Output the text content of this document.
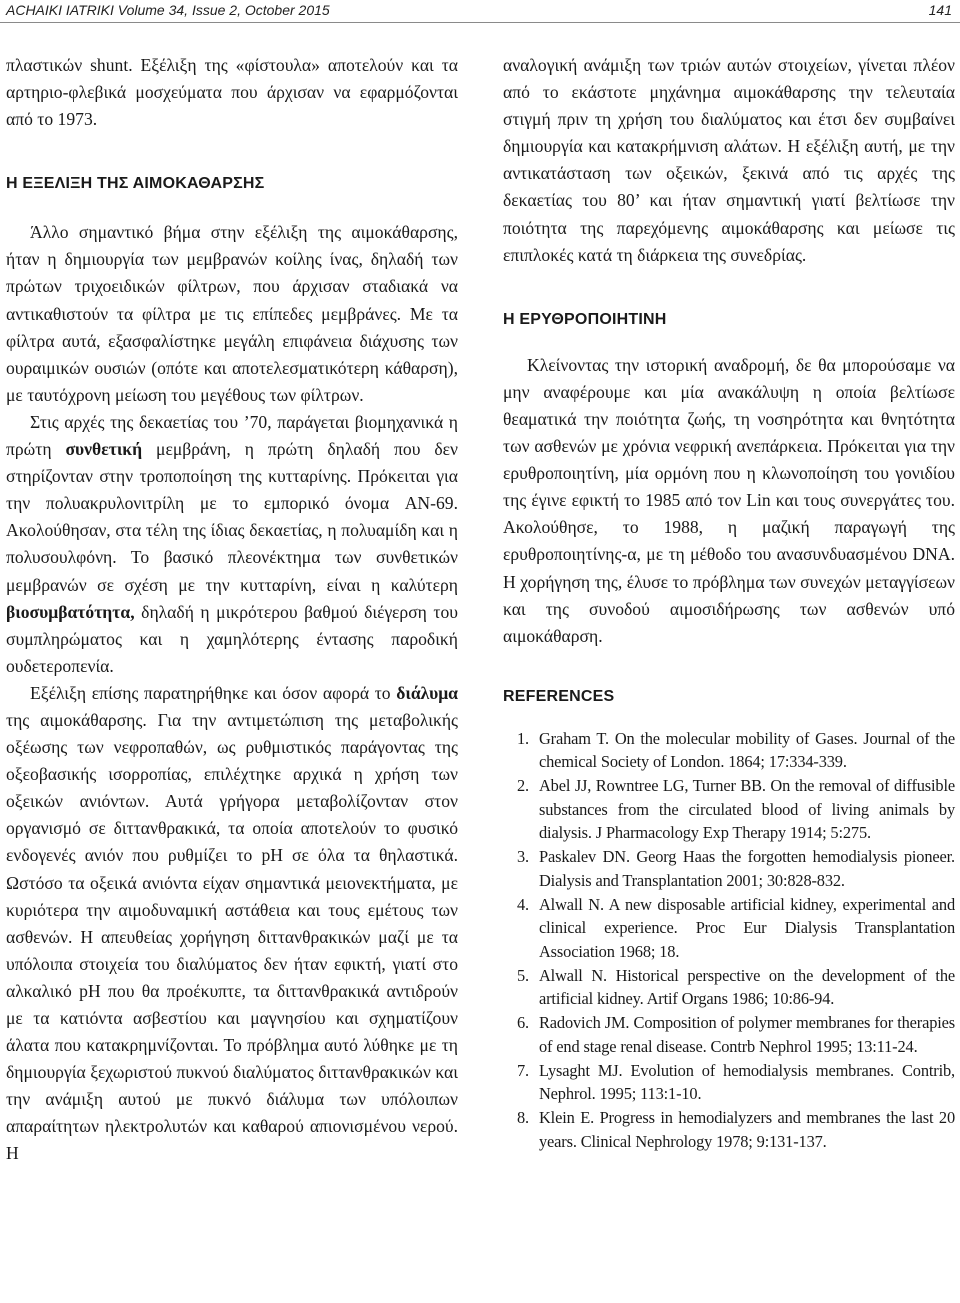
ACHAIKI IATRIKI Volume 34, Issue 2, October 2015	141

πλαστικών shunt. Εξέλιξη της «φίστουλα» αποτελούν και τα αρτηριο-φλεβικά μοσχεύματα που άρχισαν να εφαρμόζονται από το 1973.

Η ΕΞΕΛΙΞΗ ΤΗΣ ΑΙΜΟΚΑΘΑΡΣΗΣ

Άλλο σημαντικό βήμα στην εξέλιξη της αιμοκάθαρσης, ήταν η δημιουργία των μεμβρανών κοίλης ίνας, δηλαδή των πρώτων τριχοειδικών φίλτρων, που άρχισαν σταδιακά να αντικαθιστούν τα φίλτρα με τις επίπεδες μεμβράνες. Με τα φίλτρα αυτά, εξασφαλίστηκε μεγάλη επιφάνεια διάχυσης των ουραιμικών ουσιών (οπότε και αποτελεσματικότερη κάθαρση), με ταυτόχρονη μείωση του μεγέθους των φίλτρων.

Στις αρχές της δεκαετίας του ’70, παράγεται βιομηχανικά η πρώτη συνθετική μεμβράνη, η πρώτη δηλαδή που δεν στηρίζονταν στην τροποποίηση της κυτταρίνης. Πρόκειται για την πολυακρυλονιτρίλη με το εμπορικό όνομα AN-69. Ακολούθησαν, στα τέλη της ίδιας δεκαετίας, η πολυαμίδη και η πολυσουλφόνη. Το βασικό πλεονέκτημα των συνθετικών μεμβρανών σε σχέση με την κυτταρίνη, είναι η καλύτερη βιοσυμβατότητα, δηλαδή η μικρότερου βαθμού διέγερση του συμπληρώματος και η χαμηλότερης έντασης παροδική ουδετεροπενία.

Εξέλιξη επίσης παρατηρήθηκε και όσον αφορά το διάλυμα της αιμοκάθαρσης. Για την αντιμετώπιση της μεταβολικής οξέωσης των νεφροπαθών, ως ρυθμιστικός παράγοντας της οξεοβασικής ισορροπίας, επιλέχτηκε αρχικά η χρήση των οξεικών ανιόντων. Αυτά γρήγορα μεταβολίζονταν στον οργανισμό σε διττανθρακικά, τα οποία αποτελούν το φυσικό ενδογενές ανιόν που ρυθμίζει το pH σε όλα τα θηλαστικά. Ωστόσο τα οξεικά ανιόντα είχαν σημαντικά μειονεκτήματα, με κυριότερα την αιμοδυναμική αστάθεια και τους εμέτους των ασθενών. Η απευθείας χορήγηση διττανθρακικών μαζί με τα υπόλοιπα στοιχεία του διαλύματος δεν ήταν εφικτή, γιατί στο αλκαλικό pH που θα προέκυπτε, τα διττανθρακικά αντιδρούν με τα κατιόντα ασβεστίου και μαγνησίου και σχηματίζουν άλατα που κατακρημνίζονται. Το πρόβλημα αυτό λύθηκε με τη δημιουργία ξεχωριστού πυκνού διαλύματος διττανθρακικών και την ανάμιξη αυτού με πυκνό διάλυμα των υπόλοιπων απαραίτητων ηλεκτρολυτών και καθαρού απιονισμένου νερού. Η

αναλογική ανάμιξη των τριών αυτών στοιχείων, γίνεται πλέον από το εκάστοτε μηχάνημα αιμοκάθαρσης την τελευταία στιγμή πριν τη χρήση του διαλύματος και έτσι δεν συμβαίνει δημιουργία και κατακρήμνιση αλάτων. Η εξέλιξη αυτή, με την αντικατάσταση των οξεικών, ξεκινά από τις αρχές της δεκαετίας του 80’ και ήταν σημαντική γιατί βελτίωσε την ποιότητα της παρεχόμενης αιμοκάθαρσης και μείωσε τις επιπλοκές κατά τη διάρκεια της συνεδρίας.

Η ΕΡΥΘΡΟΠΟΙΗΤΙΝΗ

Κλείνοντας την ιστορική αναδρομή, δε θα μπορούσαμε να μην αναφέρουμε και μία ανακάλυψη η οποία βελτίωσε θεαματικά την ποιότητα ζωής, τη νοσηρότητα και θνητότητα των ασθενών με χρόνια νεφρική ανεπάρκεια. Πρόκειται για την ερυθροποιητίνη, μία ορμόνη που η κλωνοποίηση του γονιδίου της έγινε εφικτή το 1985 από τον Lin και τους συνεργάτες του. Ακολούθησε, το 1988, η μαζική παραγωγή της ερυθροποιητίνης-α, με τη μέθοδο του ανασυνδυασμένου DNA. Η χορήγηση της, έλυσε το πρόβλημα των συνεχών μεταγγίσεων και της συνοδού αιμοσιδήρωσης των ασθενών υπό αιμοκάθαρση.

REFERENCES
1. Graham T. On the molecular mobility of Gases. Journal of the chemical Society of London. 1864; 17:334-339.
2. Abel JJ, Rowntree LG, Turner BB. On the removal of diffusible substances from the circulated blood of living animals by dialysis. J Pharmacology Exp Therapy 1914; 5:275.
3. Paskalev DN. Georg Haas the forgotten hemodialysis pioneer. Dialysis and Transplantation 2001; 30:828-832.
4. Alwall N. A new disposable artificial kidney, experimental and clinical experience. Proc Eur Dialysis Transplantation Association 1968; 18.
5. Alwall N. Historical perspective on the development of the artificial kidney. Artif Organs 1986; 10:86-94.
6. Radovich JM. Composition of polymer membranes for therapies of end stage renal disease. Contrb Nephrol 1995; 13:11-24.
7. Lysaght MJ. Evolution of hemodialysis membranes. Contrib, Nephrol. 1995; 113:1-10.
8. Klein E. Progress in hemodialyzers and membranes the last 20 years. Clinical Nephrology 1978; 9:131-137.
